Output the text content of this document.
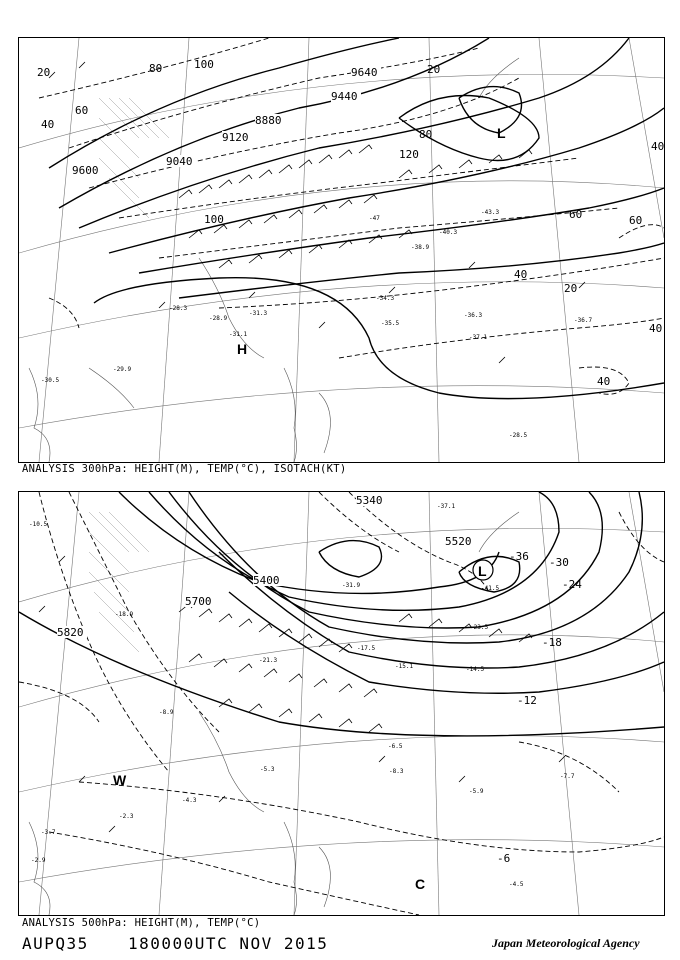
9600
9120
9040
8880
9640
9440
20
40
60
80	100
120
100
80
60
40
20
40
60
40
40
20
H
L
-28.3
-28.9
-31.3
-31.1
-34.3
-35.5
-36.3
-37.1
-36.7
-28.5
-29.9
-30.5
-43.3
-40.3
-38.9
-47
ANALYSIS 300hPa: HEIGHT(M), TEMP(°C), ISOTACH(KT)
5340
5400
5700
5820
5520
-36 -30
-24
-18
-12
-6
L
W
C
-41.5
-37.1
-31.9
-23.5
-14.5
-8.3
-6.5
-5.9
-7.7
-4.5
-3.7
-2.9
-10.5
-18.9
-21.3
-17.5
-15.1
-8.9
-5.3
-4.3
-2.3
ANALYSIS 500hPa: HEIGHT(M), TEMP(°C)
AUPQ35 180000UTC NOV 2015	Japan Meteorological Agency
